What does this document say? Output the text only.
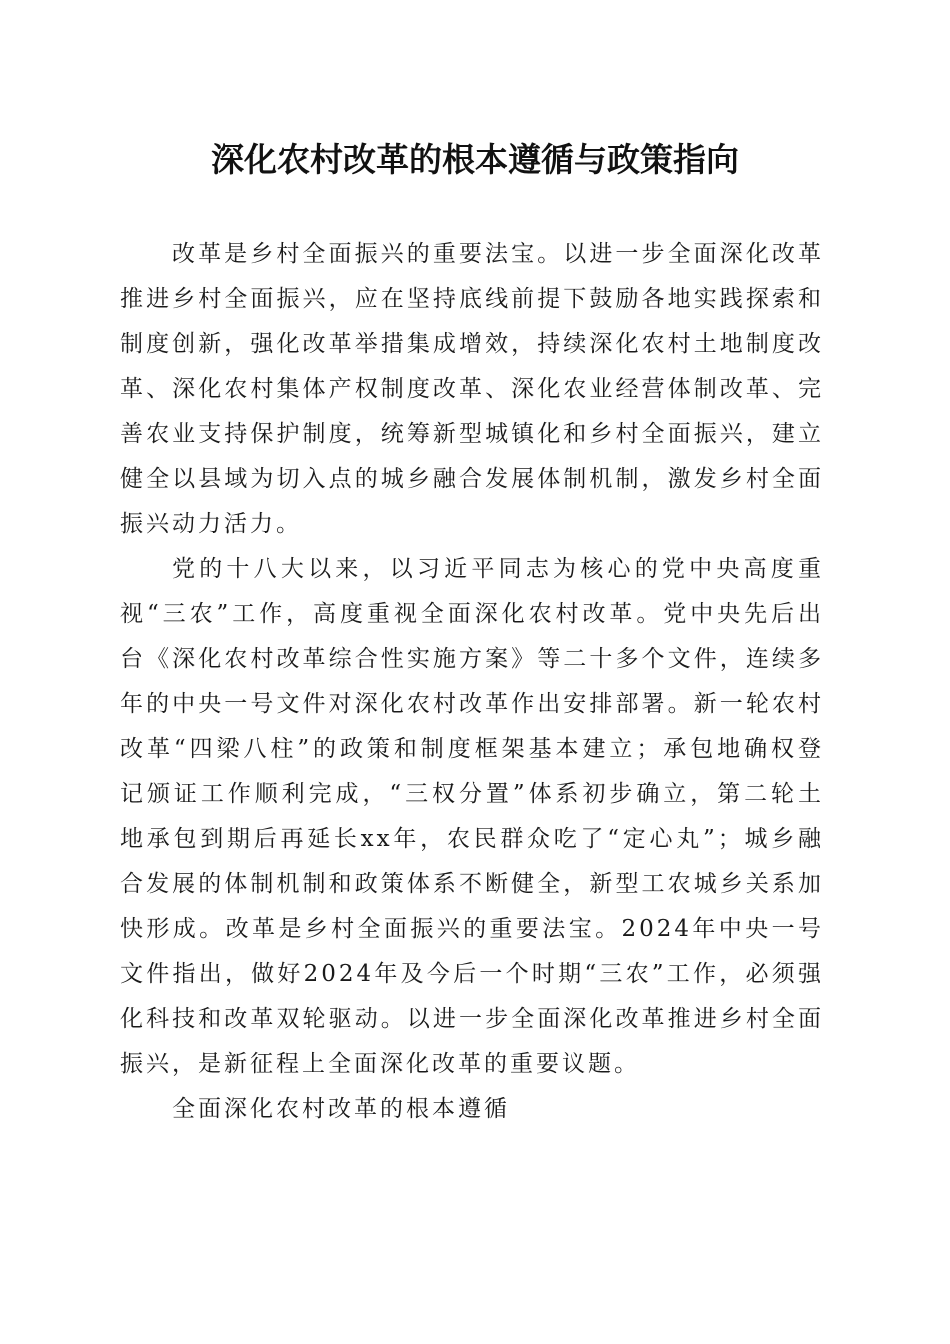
深化农村改革的根本遵循与政策指向

改革是乡村全面振兴的重要法宝。以进一步全面深化改革推进乡村全面振兴，应在坚持底线前提下鼓励各地实践探索和制度创新，强化改革举措集成增效，持续深化农村土地制度改革、深化农村集体产权制度改革、深化农业经营体制改革、完善农业支持保护制度，统筹新型城镇化和乡村全面振兴，建立健全以县域为切入点的城乡融合发展体制机制，激发乡村全面振兴动力活力。

党的十八大以来，以习近平同志为核心的党中央高度重视“三农”工作，高度重视全面深化农村改革。党中央先后出台《深化农村改革综合性实施方案》等二十多个文件，连续多年的中央一号文件对深化农村改革作出安排部署。新一轮农村改革“四梁八柱”的政策和制度框架基本建立；承包地确权登记颁证工作顺利完成，“三权分置”体系初步确立，第二轮土地承包到期后再延长xx年，农民群众吃了“定心丸”；城乡融合发展的体制机制和政策体系不断健全，新型工农城乡关系加快形成。改革是乡村全面振兴的重要法宝。2024年中央一号文件指出，做好2024年及今后一个时期“三农”工作，必须强化科技和改革双轮驱动。以进一步全面深化改革推进乡村全面振兴，是新征程上全面深化改革的重要议题。

全面深化农村改革的根本遵循
